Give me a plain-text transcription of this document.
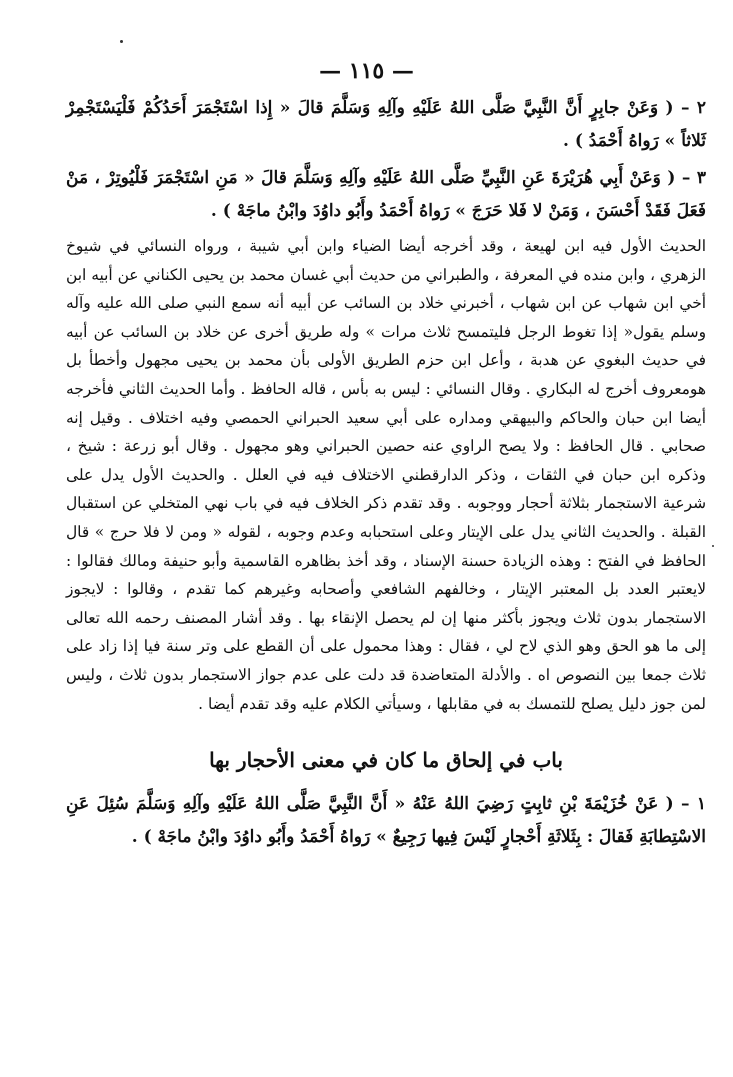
— ١١٥ —

٢ – ( وَعَنْ جابِرٍ أَنَّ النَّبِيَّ صَلَّى اللهُ عَلَيْهِ وآلِهِ وَسَلَّمَ قالَ « إِذا اسْتَجْمَرَ أَحَدُكُمْ فَلْيَسْتَجْمِرْ ثَلاثاً » رَواهُ أَحْمَدُ ) .

٣ – ( وَعَنْ أَبِي هُرَيْرَةَ عَنِ النَّبِيِّ صَلَّى اللهُ عَلَيْهِ وآلِهِ وَسَلَّمَ قالَ « مَنِ اسْتَجْمَرَ فَلْيُوتِرْ ، مَنْ فَعَلَ فَقَدْ أَحْسَنَ ، وَمَنْ لا فَلا حَرَجَ » رَواهُ أَحْمَدُ وأَبُو داوُدَ وابْنُ ماجَهْ ) .

الحديث الأول فيه ابن لهيعة ، وقد أخرجه أيضا الضياء وابن أبي شيبة ، ورواه النسائي في شيوخ الزهري ، وابن منده في المعرفة ، والطبراني من حديث أبي غسان محمد بن يحيى الكناني عن أبيه ابن أخي ابن شهاب عن ابن شهاب ، أخبرني خلاد بن السائب عن أبيه أنه سمع النبي صلى الله عليه وآله وسلم يقول« إذا تغوط الرجل فليتمسح ثلاث مرات » وله طريق أخرى عن خلاد بن السائب عن أبيه في حديث البغوي عن هدبة ، وأعل ابن حزم الطريق الأولى بأن محمد بن يحيى مجهول وأخطأ بل هومعروف أخرج له البكاري . وقال النسائي : ليس به بأس ، قاله الحافظ . وأما الحديث الثاني فأخرجه أيضا ابن حبان والحاكم والبيهقي ومداره على أبي سعيد الحبراني الحمصي وفيه اختلاف . وقيل إنه صحابي . قال الحافظ : ولا يصح الراوي عنه حصين الحبراني وهو مجهول . وقال أبو زرعة : شيخ ، وذكره ابن حبان في الثقات ، وذكر الدارقطني الاختلاف فيه في العلل . والحديث الأول يدل على شرعية الاستجمار بثلاثة أحجار ووجوبه . وقد تقدم ذكر الخلاف فيه في باب نهي المتخلي عن استقبال القبلة . والحديث الثاني يدل على الإيتار وعلى استحبابه وعدم وجوبه ، لقوله « ومن لا فلا حرج » قال الحافظ في الفتح : وهذه الزيادة حسنة الإسناد ، وقد أخذ بظاهره القاسمية وأبو حنيفة ومالك فقالوا : لايعتبر العدد بل المعتبر الإيتار ، وخالفهم الشافعي وأصحابه وغيرهم كما تقدم ، وقالوا : لايجوز الاستجمار بدون ثلاث ويجوز بأكثر منها إن لم يحصل الإنقاء بها . وقد أشار المصنف رحمه الله تعالى إلى ما هو الحق وهو الذي لاح لي ، فقال : وهذا محمول على أن القطع على وتر سنة فيا إذا زاد على ثلاث جمعا بين النصوص اه . والأدلة المتعاضدة قد دلت على عدم جواز الاستجمار بدون ثلاث ، وليس لمن جوز دليل يصلح للتمسك به في مقابلها ، وسيأتي الكلام عليه وقد تقدم أيضا .

باب في إلحاق ما كان في معنى الأحجار بها

١ – ( عَنْ خُزَيْمَةَ بْنِ ثابِتٍ رَضِيَ اللهُ عَنْهُ « أَنَّ النَّبِيَّ صَلَّى اللهُ عَلَيْهِ وآلِهِ وَسَلَّمَ سُئِلَ عَنِ الاسْتِطابَةِ فَقالَ : بِثَلاثَةِ أَحْجارٍ لَيْسَ فِيها رَجِيعٌ » رَواهُ أَحْمَدُ وأَبُو داوُدَ وابْنُ ماجَهْ ) .
